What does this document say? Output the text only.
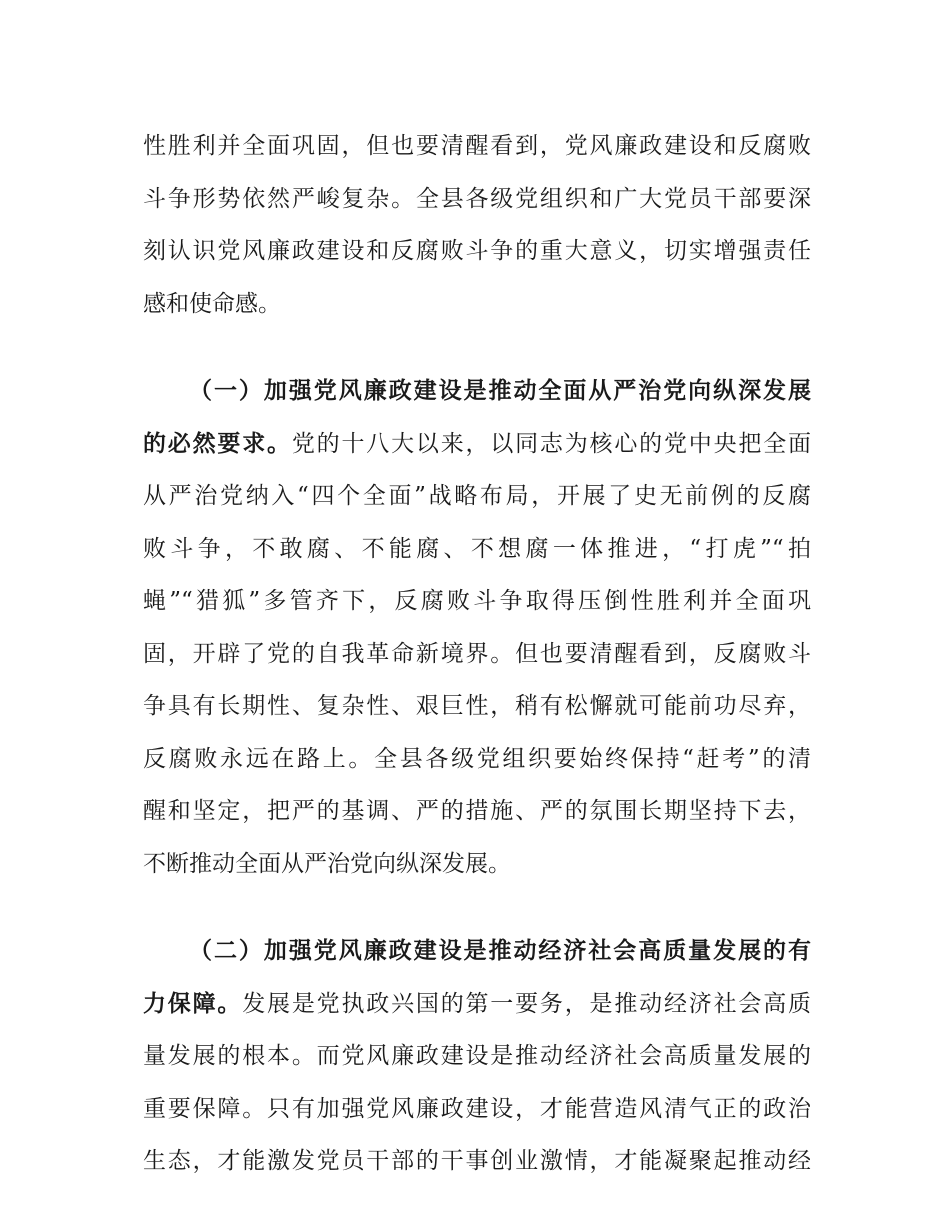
性胜利并全面巩固，但也要清醒看到，党风廉政建设和反腐败
斗争形势依然严峻复杂。全县各级党组织和广大党员干部要深
刻认识党风廉政建设和反腐败斗争的重大意义，切实增强责任
感和使命感。
（一）加强党风廉政建设是推动全面从严治党向纵深发展
的必然要求。党的十八大以来，以同志为核心的党中央把全面
从严治党纳入“四个全面”战略布局，开展了史无前例的反腐
败斗争，不敢腐、不能腐、不想腐一体推进，“打虎”“拍
蝇”“猎狐”多管齐下，反腐败斗争取得压倒性胜利并全面巩
固，开辟了党的自我革命新境界。但也要清醒看到，反腐败斗
争具有长期性、复杂性、艰巨性，稍有松懈就可能前功尽弃，
反腐败永远在路上。全县各级党组织要始终保持“赶考”的清
醒和坚定，把严的基调、严的措施、严的氛围长期坚持下去，
不断推动全面从严治党向纵深发展。
（二）加强党风廉政建设是推动经济社会高质量发展的有
力保障。发展是党执政兴国的第一要务，是推动经济社会高质
量发展的根本。而党风廉政建设是推动经济社会高质量发展的
重要保障。只有加强党风廉政建设，才能营造风清气正的政治
生态，才能激发党员干部的干事创业激情，才能凝聚起推动经
